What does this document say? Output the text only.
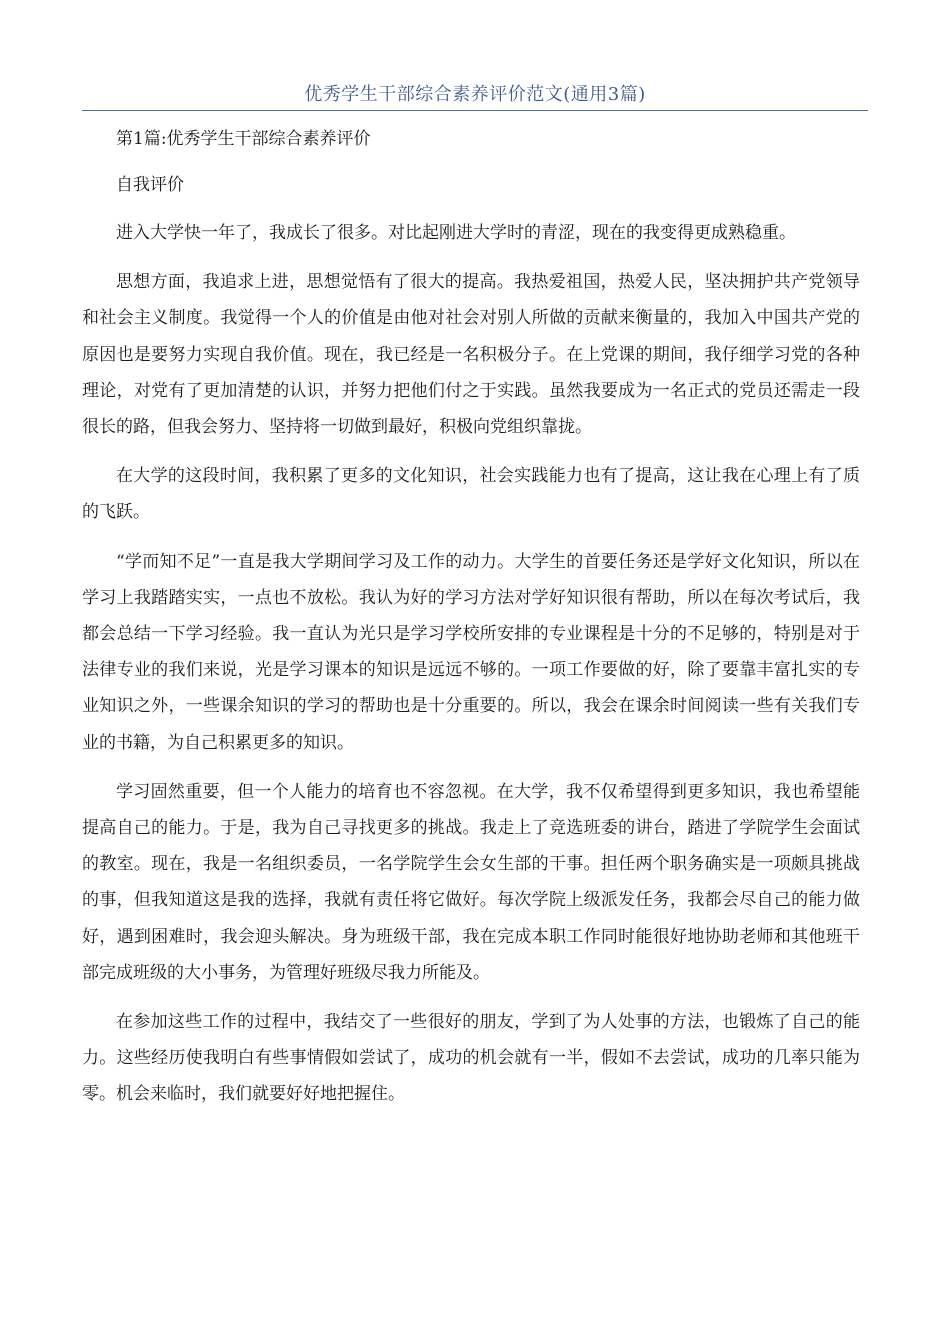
优秀学生干部综合素养评价范文(通用3篇)
第1篇:优秀学生干部综合素养评价
自我评价

进入大学快一年了，我成长了很多。对比起刚进大学时的青涩，现在的我变得更成熟稳重。

思想方面，我追求上进，思想觉悟有了很大的提高。我热爱祖国，热爱人民，坚决拥护共产党领导和社会主义制度。我觉得一个人的价值是由他对社会对别人所做的贡献来衡量的，我加入中国共产党的原因也是要努力实现自我价值。现在，我已经是一名积极分子。在上党课的期间，我仔细学习党的各种理论，对党有了更加清楚的认识，并努力把他们付之于实践。虽然我要成为一名正式的党员还需走一段很长的路，但我会努力、坚持将一切做到最好，积极向党组织靠拢。

在大学的这段时间，我积累了更多的文化知识，社会实践能力也有了提高，这让我在心理上有了质的飞跃。

“学而知不足”一直是我大学期间学习及工作的动力。大学生的首要任务还是学好文化知识，所以在学习上我踏踏实实，一点也不放松。我认为好的学习方法对学好知识很有帮助，所以在每次考试后，我都会总结一下学习经验。我一直认为光只是学习学校所安排的专业课程是十分的不足够的，特别是对于法律专业的我们来说，光是学习课本的知识是远远不够的。一项工作要做的好，除了要靠丰富扎实的专业知识之外，一些课余知识的学习的帮助也是十分重要的。所以，我会在课余时间阅读一些有关我们专业的书籍，为自己积累更多的知识。

学习固然重要，但一个人能力的培育也不容忽视。在大学，我不仅希望得到更多知识，我也希望能提高自己的能力。于是，我为自己寻找更多的挑战。我走上了竞选班委的讲台，踏进了学院学生会面试的教室。现在，我是一名组织委员，一名学院学生会女生部的干事。担任两个职务确实是一项颇具挑战的事，但我知道这是我的选择，我就有责任将它做好。每次学院上级派发任务，我都会尽自己的能力做好，遇到困难时，我会迎头解决。身为班级干部，我在完成本职工作同时能很好地协助老师和其他班干部完成班级的大小事务，为管理好班级尽我力所能及。

在参加这些工作的过程中，我结交了一些很好的朋友，学到了为人处事的方法，也锻炼了自己的能力。这些经历使我明白有些事情假如尝试了，成功的机会就有一半，假如不去尝试，成功的几率只能为零。机会来临时，我们就要好好地把握住。
